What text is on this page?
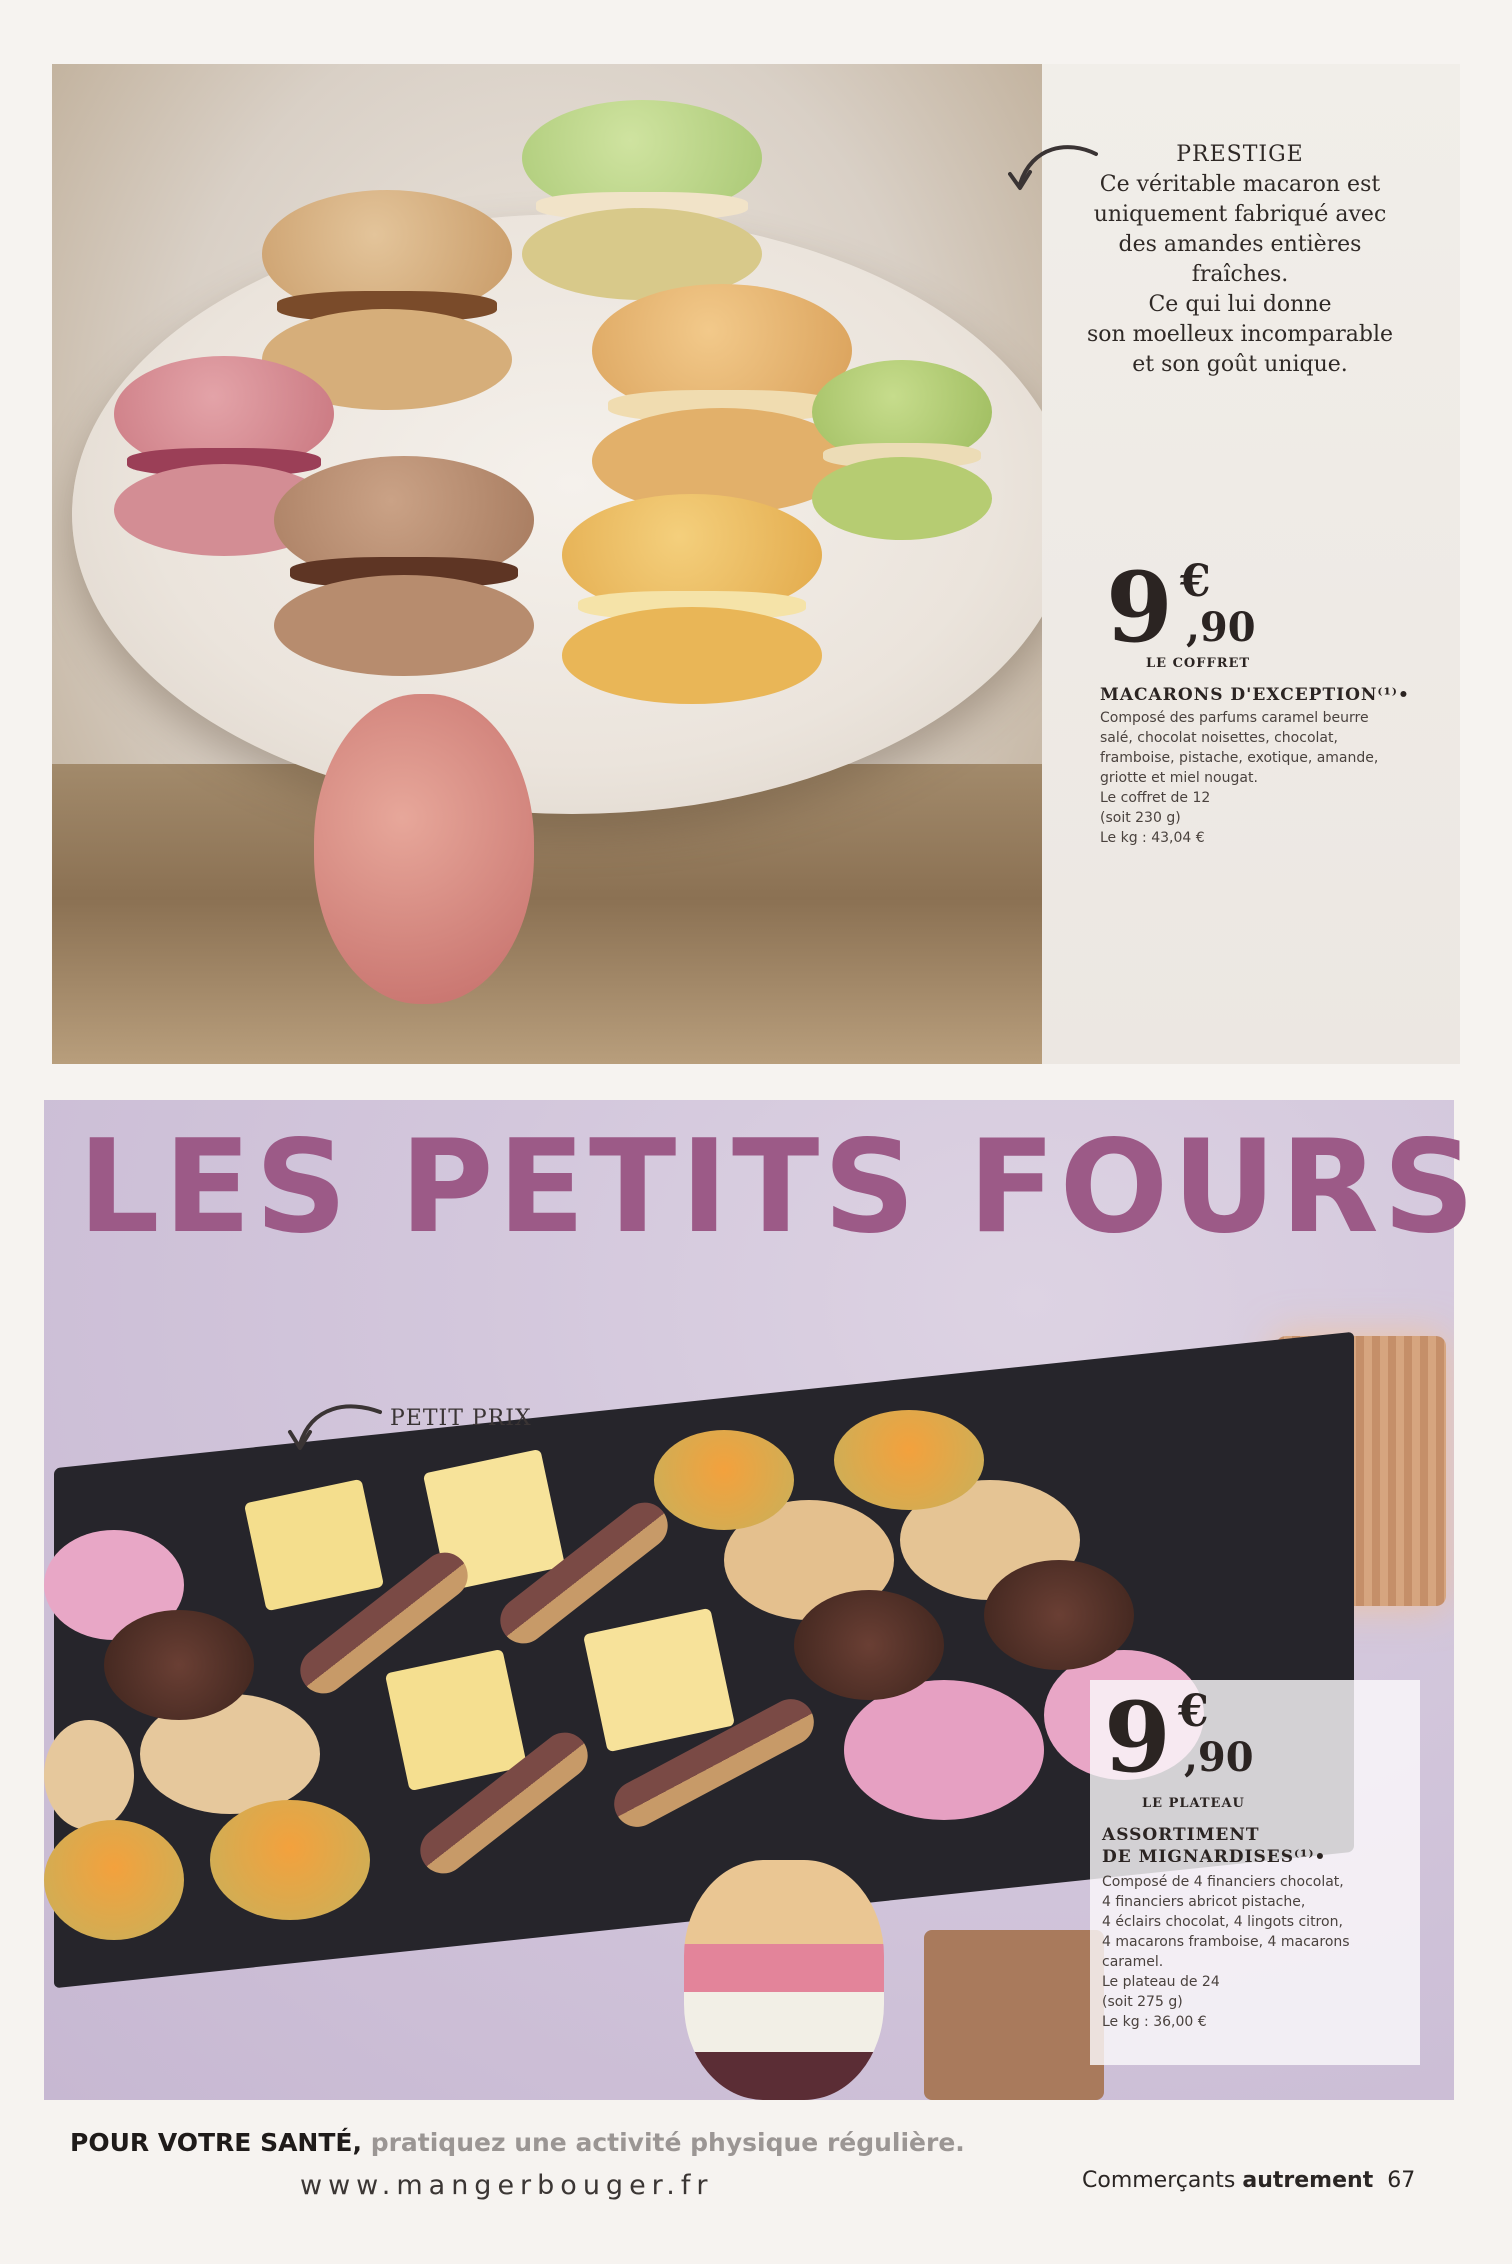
PRESTIGE
Ce véritable macaron est
uniquement fabriqué avec
des amandes entières
fraîches.
Ce qui lui donne
son moelleux incomparable
et son goût unique.
9 €
,90
LE COFFRET
MACARONS D'EXCEPTION⁽¹⁾•
Composé des parfums caramel beurre
salé, chocolat noisettes, chocolat,
framboise, pistache, exotique, amande,
griotte et miel nougat.
Le coffret de 12
(soit 230 g)
Le kg : 43,04 €
LES PETITS FOURS
PETIT PRIX
9 €
,90
LE PLATEAU
ASSORTIMENT
DE MIGNARDISES⁽¹⁾•
Composé de 4 financiers chocolat,
4 financiers abricot pistache,
4 éclairs chocolat, 4 lingots citron,
4 macarons framboise, 4 macarons
caramel.
Le plateau de 24
(soit 275 g)
Le kg : 36,00 €
POUR VOTRE SANTÉ, pratiquez une activité physique régulière.
www.mangerbouger.fr	Commerçants autrement 67
